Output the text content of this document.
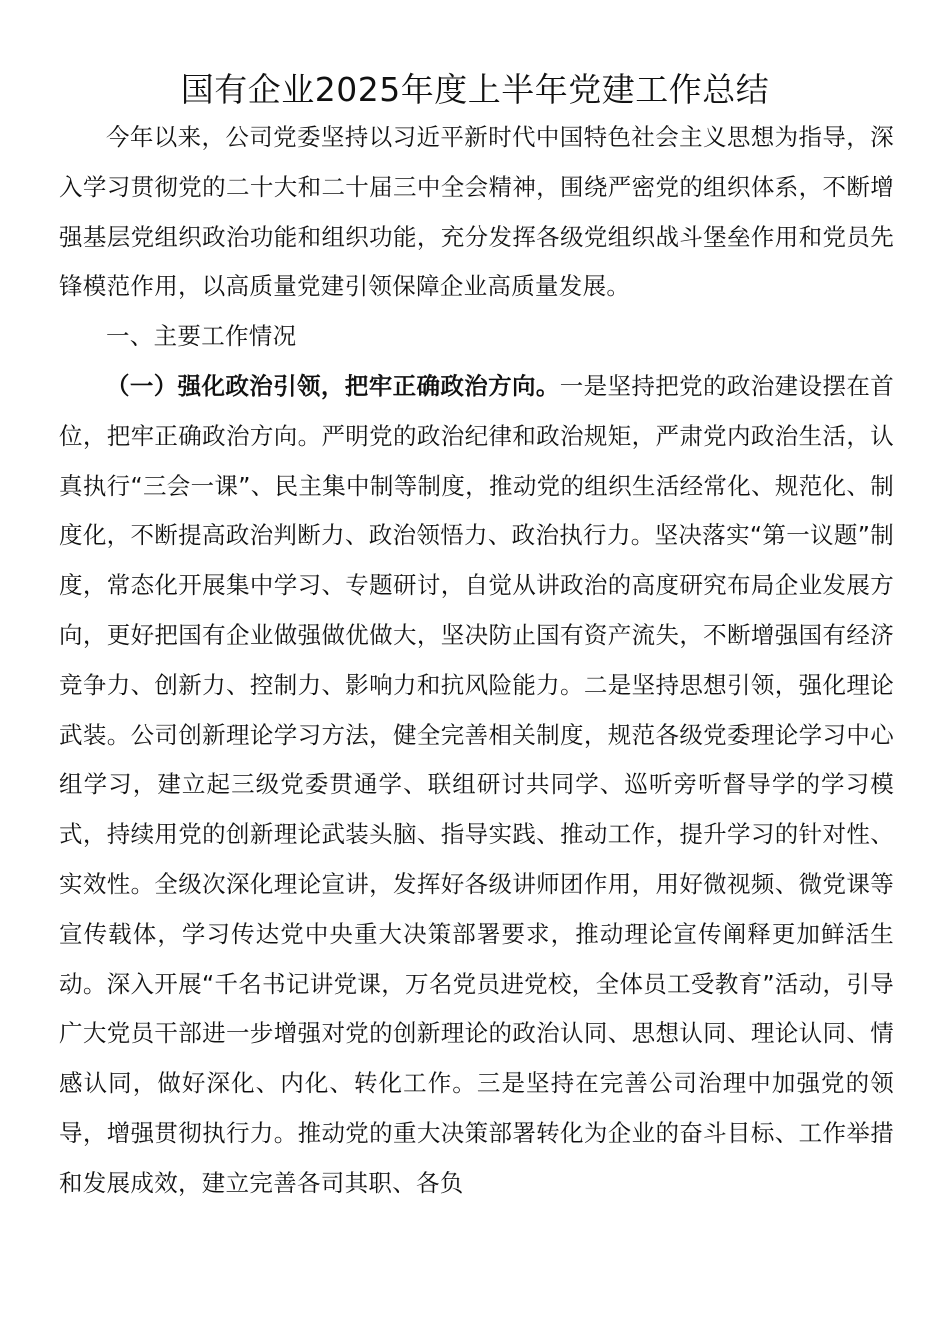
国有企业2025年度上半年党建工作总结

今年以来，公司党委坚持以习近平新时代中国特色社会主义思想为指导，深入学习贯彻党的二十大和二十届三中全会精神，围绕严密党的组织体系，不断增强基层党组织政治功能和组织功能，充分发挥各级党组织战斗堡垒作用和党员先锋模范作用，以高质量党建引领保障企业高质量发展。

一、主要工作情况

（一）强化政治引领，把牢正确政治方向。一是坚持把党的政治建设摆在首位，把牢正确政治方向。严明党的政治纪律和政治规矩，严肃党内政治生活，认真执行“三会一课”、民主集中制等制度，推动党的组织生活经常化、规范化、制度化，不断提高政治判断力、政治领悟力、政治执行力。坚决落实“第一议题”制度，常态化开展集中学习、专题研讨，自觉从讲政治的高度研究布局企业发展方向，更好把国有企业做强做优做大，坚决防止国有资产流失，不断增强国有经济竞争力、创新力、控制力、影响力和抗风险能力。二是坚持思想引领，强化理论武装。公司创新理论学习方法，健全完善相关制度，规范各级党委理论学习中心组学习，建立起三级党委贯通学、联组研讨共同学、巡听旁听督导学的学习模式，持续用党的创新理论武装头脑、指导实践、推动工作，提升学习的针对性、实效性。全级次深化理论宣讲，发挥好各级讲师团作用，用好微视频、微党课等宣传载体，学习传达党中央重大决策部署要求，推动理论宣传阐释更加鲜活生动。深入开展“千名书记讲党课，万名党员进党校，全体员工受教育”活动，引导广大党员干部进一步增强对党的创新理论的政治认同、思想认同、理论认同、情感认同，做好深化、内化、转化工作。三是坚持在完善公司治理中加强党的领导，增强贯彻执行力。推动党的重大决策部署转化为企业的奋斗目标、工作举措和发展成效，建立完善各司其职、各负
